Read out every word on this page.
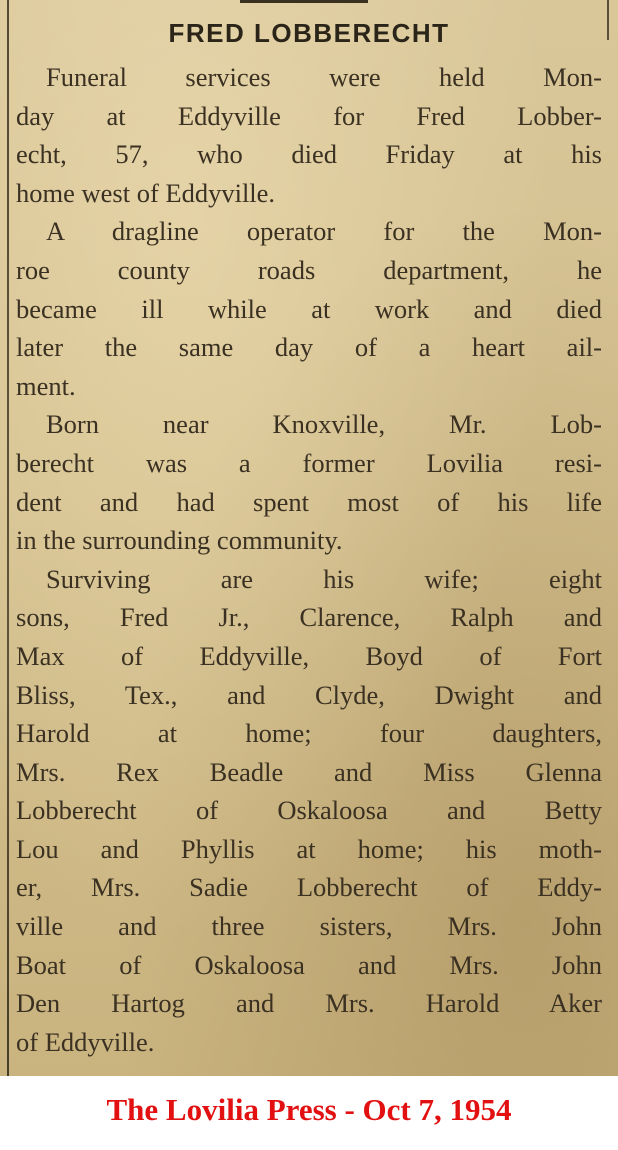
FRED LOBBERECHT
Funeral services were held Mon-
day at Eddyville for Fred Lobber-
echt, 57, who died Friday at his
home west of Eddyville.
A dragline operator for the Mon-
roe county roads department, he
became ill while at work and died
later the same day of a heart ail-
ment.
Born near Knoxville, Mr. Lob-
berecht was a former Lovilia resi-
dent and had spent most of his life
in the surrounding community.
Surviving are his wife; eight
sons, Fred Jr., Clarence, Ralph and
Max of Eddyville, Boyd of Fort
Bliss, Tex., and Clyde, Dwight and
Harold at home; four daughters,
Mrs. Rex Beadle and Miss Glenna
Lobberecht of Oskaloosa and Betty
Lou and Phyllis at home; his moth-
er, Mrs. Sadie Lobberecht of Eddy-
ville and three sisters, Mrs. John
Boat of Oskaloosa and Mrs. John
Den Hartog and Mrs. Harold Aker
of Eddyville.
The Lovilia Press - Oct 7, 1954
